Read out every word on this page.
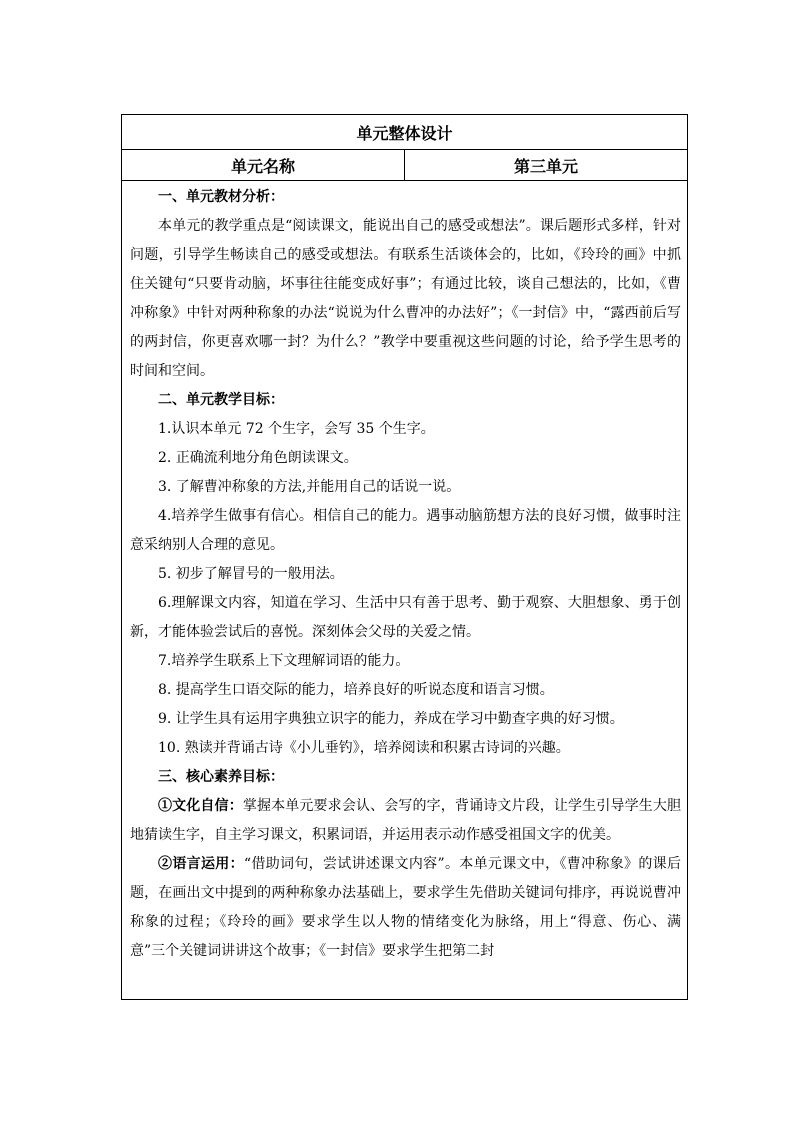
单元整体设计
单元名称	第三单元

一、单元教材分析：

本单元的教学重点是“阅读课文，能说出自己的感受或想法”。课后题形式多样，针对问题，引导学生畅读自己的感受或想法。有联系生活谈体会的，比如，《玲玲的画》中抓住关键句“只要肯动脑，坏事往往能变成好事”；有通过比较，谈自己想法的，比如，《曹冲称象》中针对两种称象的办法“说说为什么曹冲的办法好”；《一封信》中，“露西前后写的两封信，你更喜欢哪一封？为什么？”教学中要重视这些问题的讨论，给予学生思考的时间和空间。

二、单元教学目标：

1.认识本单元 72 个生字，会写 35 个生字。

2. 正确流利地分角色朗读课文。

3. 了解曹冲称象的方法,并能用自己的话说一说。

4.培养学生做事有信心。相信自己的能力。遇事动脑筋想方法的良好习惯，做事时注意采纳别人合理的意见。

5. 初步了解冒号的一般用法。

6.理解课文内容，知道在学习、生活中只有善于思考、勤于观察、大胆想象、勇于创新，才能体验尝试后的喜悦。深刻体会父母的关爱之情。

7.培养学生联系上下文理解词语的能力。

8. 提高学生口语交际的能力，培养良好的听说态度和语言习惯。

9. 让学生具有运用字典独立识字的能力，养成在学习中勤查字典的好习惯。

10. 熟读并背诵古诗《小儿垂钓》，培养阅读和积累古诗词的兴趣。

三、核心素养目标：

①文化自信：掌握本单元要求会认、会写的字，背诵诗文片段，让学生引导学生大胆地猜读生字，自主学习课文，积累词语，并运用表示动作感受祖国文字的优美。

②语言运用：“借助词句，尝试讲述课文内容”。本单元课文中，《曹冲称象》的课后题，在画出文中提到的两种称象办法基础上，要求学生先借助关键词句排序，再说说曹冲称象的过程；《玲玲的画》要求学生以人物的情绪变化为脉络，用上“得意、伤心、满意”三个关键词讲讲这个故事；《一封信》要求学生把第二封
